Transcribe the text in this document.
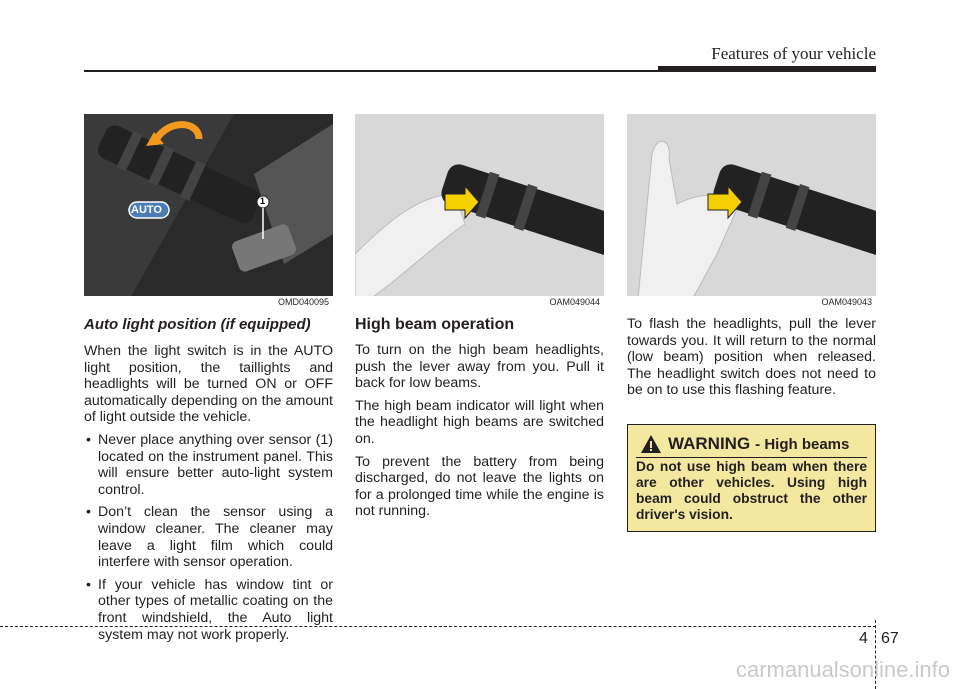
Features of your vehicle
AUTO
1
OMD040095	OAM049044	OAM049043
Auto light position (if equipped)

When the light switch is in the AUTO light position, the taillights and headlights will be turned ON or OFF automatically depending on the amount of light outside the vehicle.

• Never place anything over sensor (1) located on the instrument panel. This will ensure better auto-light system control.
• Don’t clean the sensor using a window cleaner. The cleaner may leave a light film which could interfere with sensor operation.
• If your vehicle has window tint or other types of metallic coating on the front windshield, the Auto light system may not work properly.
High beam operation

To turn on the high beam headlights, push the lever away from you. Pull it back for low beams.

The high beam indicator will light when the headlight high beams are switched on.

To prevent the battery from being discharged, do not leave the lights on for a prolonged time while the engine is not running.

To flash the headlights, pull the lever towards you. It will return to the normal (low beam) position when released. The headlight switch does not need to be on to use this flashing feature.

WARNING - High beams
Do not use high beam when there are other vehicles. Using high beam could obstruct the other driver's vision.
4 67
carmanualsonline.info
